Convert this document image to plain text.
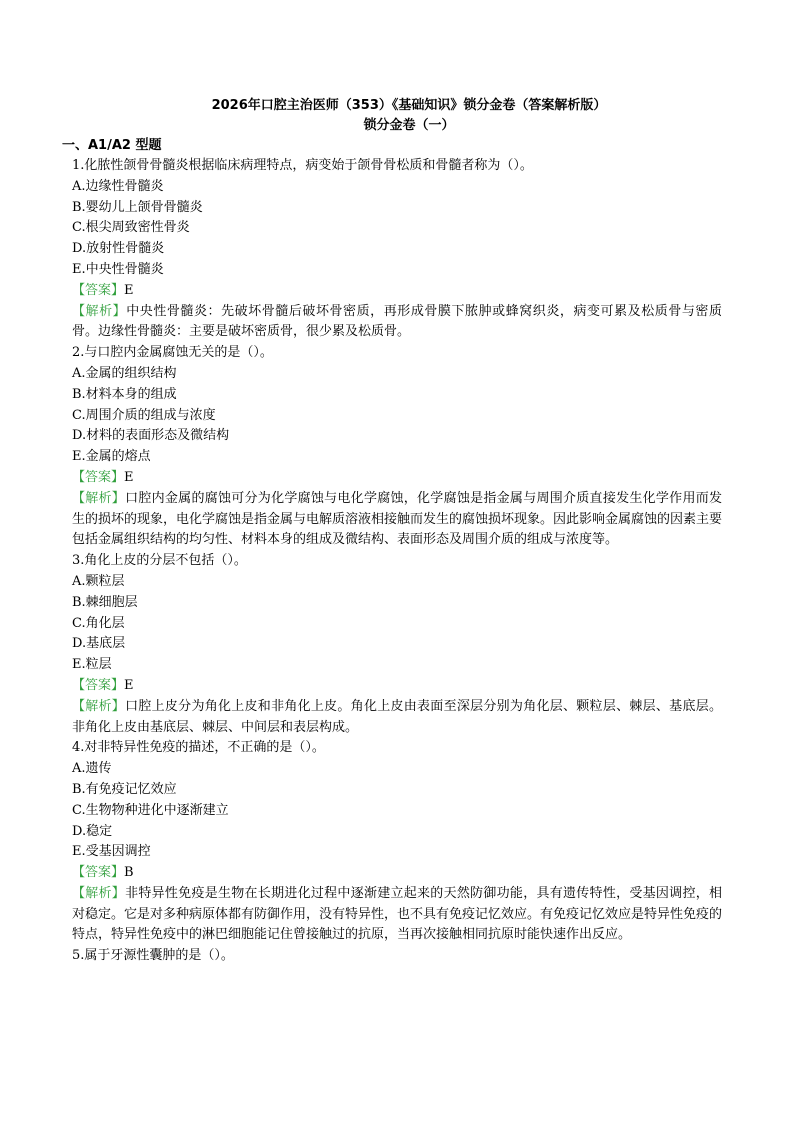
2026年口腔主治医师（353）《基础知识》锁分金卷（答案解析版）
锁分金卷（一）
一、A1/A2 型题
1.化脓性颌骨骨髓炎根据临床病理特点，病变始于颌骨骨松质和骨髓者称为（）。
A.边缘性骨髓炎
B.婴幼儿上颌骨骨髓炎
C.根尖周致密性骨炎
D.放射性骨髓炎
E.中央性骨髓炎
【答案】E
【解析】中央性骨髓炎：先破坏骨髓后破坏骨密质，再形成骨膜下脓肿或蜂窝织炎，病变可累及松质骨与密质骨。边缘性骨髓炎：主要是破坏密质骨，很少累及松质骨。
2.与口腔内金属腐蚀无关的是（）。
A.金属的组织结构
B.材料本身的组成
C.周围介质的组成与浓度
D.材料的表面形态及微结构
E.金属的熔点
【答案】E
【解析】口腔内金属的腐蚀可分为化学腐蚀与电化学腐蚀，化学腐蚀是指金属与周围介质直接发生化学作用而发生的损坏的现象，电化学腐蚀是指金属与电解质溶液相接触而发生的腐蚀损坏现象。因此影响金属腐蚀的因素主要包括金属组织结构的均匀性、材料本身的组成及微结构、表面形态及周围介质的组成与浓度等。
3.角化上皮的分层不包括（）。
A.颗粒层
B.棘细胞层
C.角化层
D.基底层
E.粒层
【答案】E
【解析】口腔上皮分为角化上皮和非角化上皮。角化上皮由表面至深层分别为角化层、颗粒层、棘层、基底层。非角化上皮由基底层、棘层、中间层和表层构成。
4.对非特异性免疫的描述，不正确的是（）。
A.遗传
B.有免疫记忆效应
C.生物物种进化中逐渐建立
D.稳定
E.受基因调控
【答案】B
【解析】非特异性免疫是生物在长期进化过程中逐渐建立起来的天然防御功能，具有遗传特性，受基因调控，相对稳定。它是对多种病原体都有防御作用，没有特异性，也不具有免疫记忆效应。有免疫记忆效应是特异性免疫的特点，特异性免疫中的淋巴细胞能记住曾接触过的抗原，当再次接触相同抗原时能快速作出反应。
5.属于牙源性囊肿的是（）。
